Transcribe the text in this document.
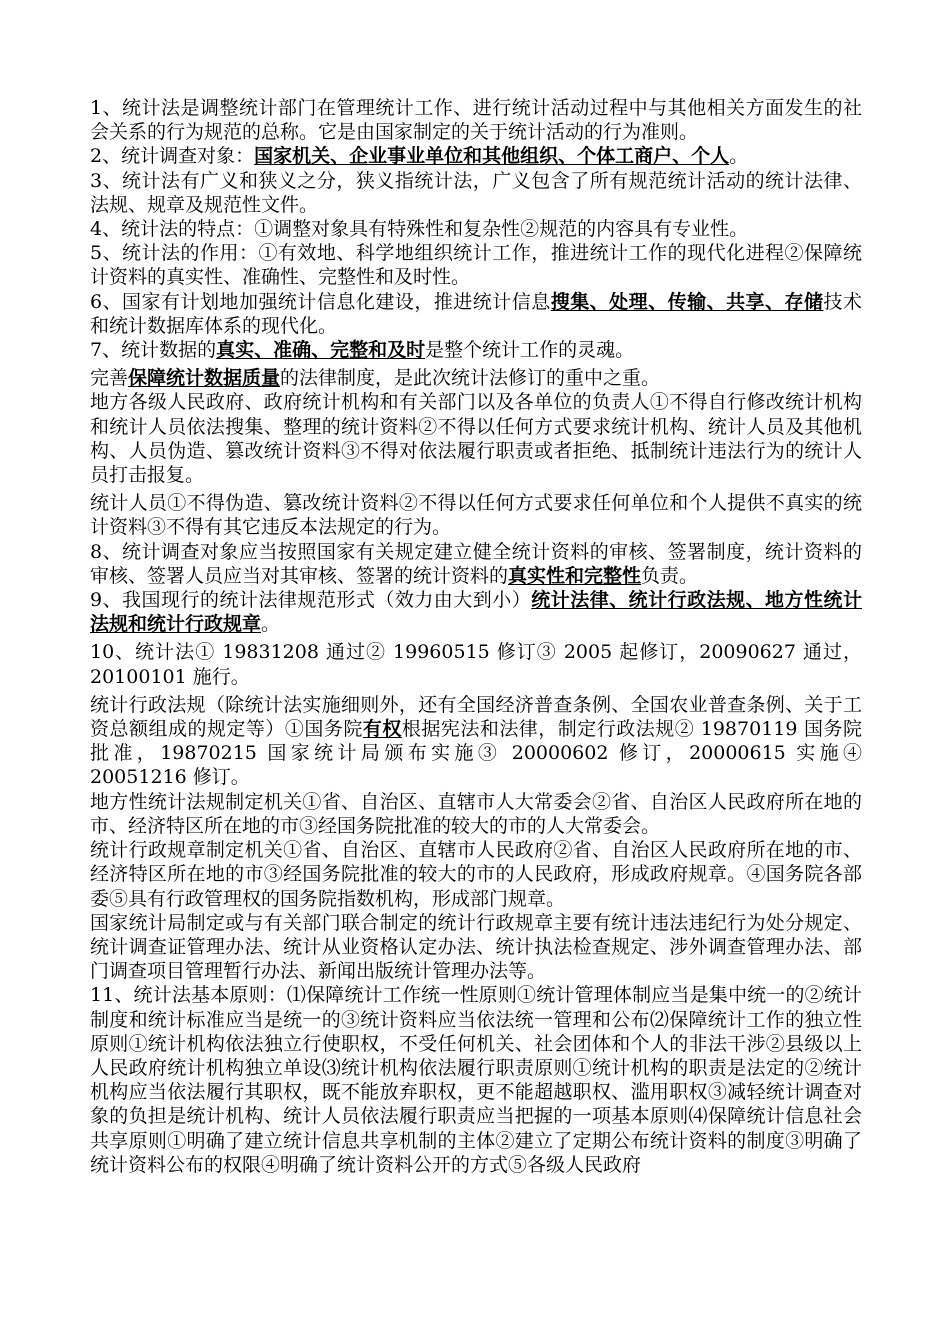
1、统计法是调整统计部门在管理统计工作、进行统计活动过程中与其他相关方面发生的社会关系的行为规范的总称。它是由国家制定的关于统计活动的行为准则。

2、统计调查对象：国家机关、企业事业单位和其他组织、个体工商户、个人。

3、统计法有广义和狭义之分，狭义指统计法，广义包含了所有规范统计活动的统计法律、法规、规章及规范性文件。

4、统计法的特点：①调整对象具有特殊性和复杂性②规范的内容具有专业性。

5、统计法的作用：①有效地、科学地组织统计工作，推进统计工作的现代化进程②保障统计资料的真实性、准确性、完整性和及时性。

6、国家有计划地加强统计信息化建设，推进统计信息搜集、处理、传输、共享、存储技术和统计数据库体系的现代化。

7、统计数据的真实、准确、完整和及时是整个统计工作的灵魂。

完善保障统计数据质量的法律制度，是此次统计法修订的重中之重。

地方各级人民政府、政府统计机构和有关部门以及各单位的负责人①不得自行修改统计机构和统计人员依法搜集、整理的统计资料②不得以任何方式要求统计机构、统计人员及其他机构、人员伪造、篡改统计资料③不得对依法履行职责或者拒绝、抵制统计违法行为的统计人员打击报复。

统计人员①不得伪造、篡改统计资料②不得以任何方式要求任何单位和个人提供不真实的统计资料③不得有其它违反本法规定的行为。

8、统计调查对象应当按照国家有关规定建立健全统计资料的审核、签署制度，统计资料的审核、签署人员应当对其审核、签署的统计资料的真实性和完整性负责。

9、我国现行的统计法律规范形式（效力由大到小）统计法律、统计行政法规、地方性统计法规和统计行政规章。

10、统计法① 19831208 通过② 19960515 修订③ 2005 起修订，20090627 通过，20100101 施行。

统计行政法规（除统计法实施细则外，还有全国经济普查条例、全国农业普查条例、关于工资总额组成的规定等）①国务院有权根据宪法和法律，制定行政法规② 19870119 国务院批准，19870215 国家统计局颁布实施③ 20000602 修订，20000615 实施④ 20051216 修订。

地方性统计法规制定机关①省、自治区、直辖市人大常委会②省、自治区人民政府所在地的市、经济特区所在地的市③经国务院批准的较大的市的人大常委会。

统计行政规章制定机关①省、自治区、直辖市人民政府②省、自治区人民政府所在地的市、经济特区所在地的市③经国务院批准的较大的市的人民政府，形成政府规章。④国务院各部委⑤具有行政管理权的国务院指数机构，形成部门规章。

国家统计局制定或与有关部门联合制定的统计行政规章主要有统计违法违纪行为处分规定、统计调查证管理办法、统计从业资格认定办法、统计执法检查规定、涉外调查管理办法、部门调查项目管理暂行办法、新闻出版统计管理办法等。

11、统计法基本原则：⑴保障统计工作统一性原则①统计管理体制应当是集中统一的②统计制度和统计标准应当是统一的③统计资料应当依法统一管理和公布⑵保障统计工作的独立性原则①统计机构依法独立行使职权，不受任何机关、社会团体和个人的非法干涉②县级以上人民政府统计机构独立单设⑶统计机构依法履行职责原则①统计机构的职责是法定的②统计机构应当依法履行其职权，既不能放弃职权，更不能超越职权、滥用职权③减轻统计调查对象的负担是统计机构、统计人员依法履行职责应当把握的一项基本原则⑷保障统计信息社会共享原则①明确了建立统计信息共享机制的主体②建立了定期公布统计资料的制度③明确了统计资料公布的权限④明确了统计资料公开的方式⑤各级人民政府
